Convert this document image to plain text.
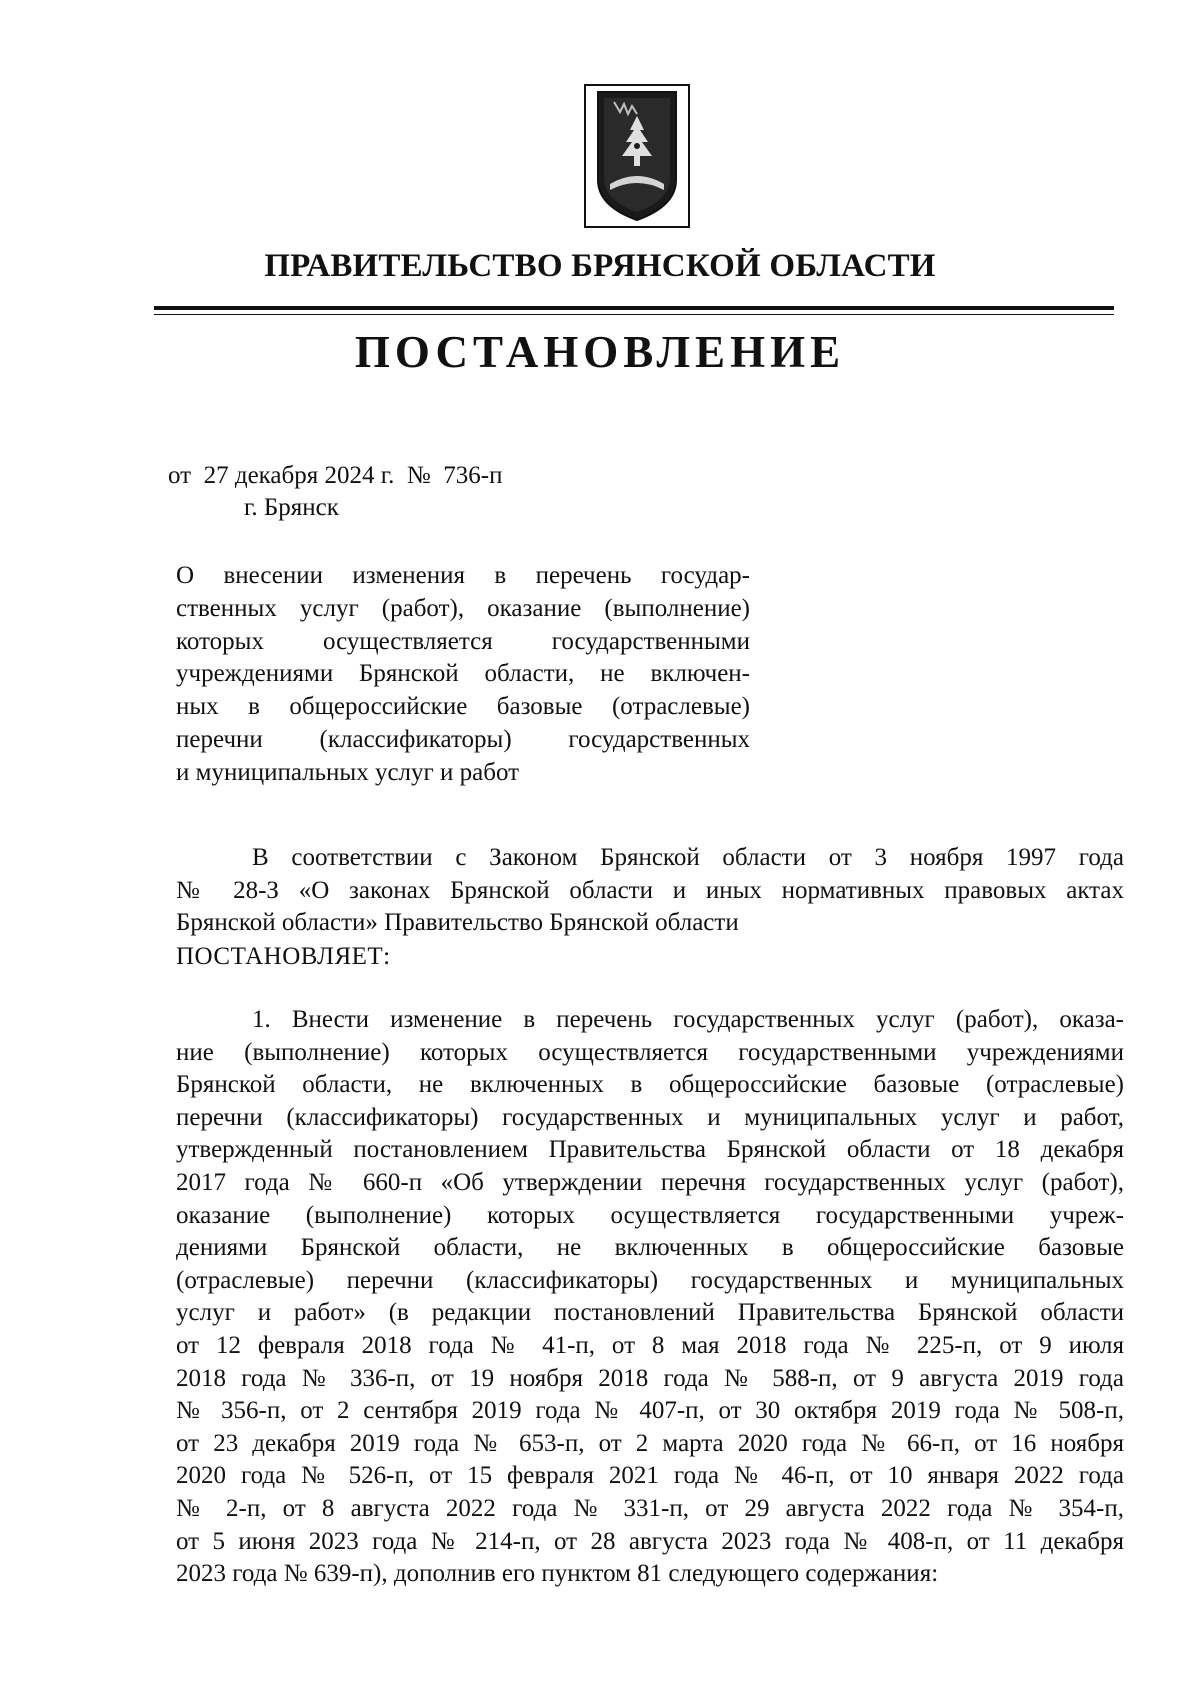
ПРАВИТЕЛЬСТВО БРЯНСКОЙ ОБЛАСТИ
ПОСТАНОВЛЕНИЕ
от  27 декабря 2024 г.  №  736-п
г. Брянск
О внесении изменения в перечень государ-
ственных услуг (работ), оказание (выполнение)
которых осуществляется государственными
учреждениями Брянской области, не включен-
ных в общероссийские базовые (отраслевые)
перечни (классификаторы) государственных
и муниципальных услуг и работ
В соответствии с Законом Брянской области от 3 ноября 1997 года
№ 28-З «О законах Брянской области и иных нормативных правовых актах
Брянской области» Правительство Брянской области
ПОСТАНОВЛЯЕТ:
1. Внести изменение в перечень государственных услуг (работ), оказа-
ние (выполнение) которых осуществляется государственными учреждениями
Брянской области, не включенных в общероссийские базовые (отраслевые)
перечни (классификаторы) государственных и муниципальных услуг и работ,
утвержденный постановлением Правительства Брянской области от 18 декабря
2017 года № 660-п «Об утверждении перечня государственных услуг (работ),
оказание (выполнение) которых осуществляется государственными учреж-
дениями Брянской области, не включенных в общероссийские базовые
(отраслевые) перечни (классификаторы) государственных и муниципальных
услуг и работ» (в редакции постановлений Правительства Брянской области
от 12 февраля 2018 года № 41-п, от 8 мая 2018 года № 225-п, от 9 июля
2018 года № 336-п, от 19 ноября 2018 года № 588-п, от 9 августа 2019 года
№ 356-п, от 2 сентября 2019 года № 407-п, от 30 октября 2019 года № 508-п,
от 23 декабря 2019 года № 653-п, от 2 марта 2020 года № 66-п, от 16 ноября
2020 года № 526-п, от 15 февраля 2021 года № 46-п, от 10 января 2022 года
№ 2-п, от 8 августа 2022 года № 331-п, от 29 августа 2022 года № 354-п,
от 5 июня 2023 года № 214-п, от 28 августа 2023 года № 408-п, от 11 декабря
2023 года № 639-п), дополнив его пунктом 81 следующего содержания:
